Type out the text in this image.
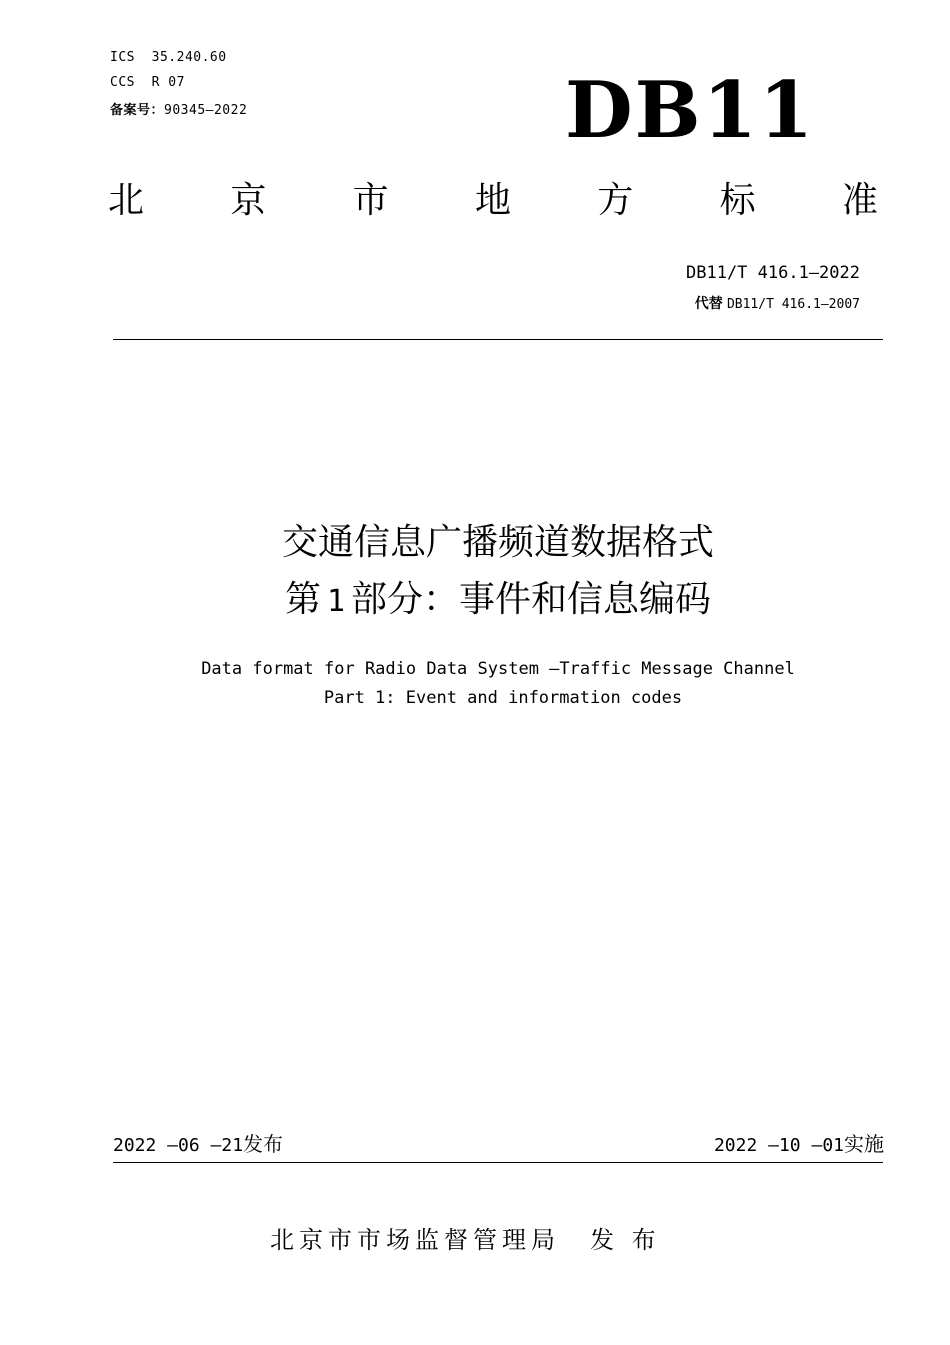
ICS  35.240.60
CCS  R 07
备案号：90345—2022	DB11
北 京 市 地 方 标 准
DB11/T 416.1—2022
代替 DB11/T 416.1—2007
交通信息广播频道数据格式
第 1 部分：事件和信息编码
Data format for Radio Data System —Traffic Message Channel
Part 1: Event and information codes
2022 —06 —21发布	2022 —10 —01实施
北京市市场监督管理局 发 布
